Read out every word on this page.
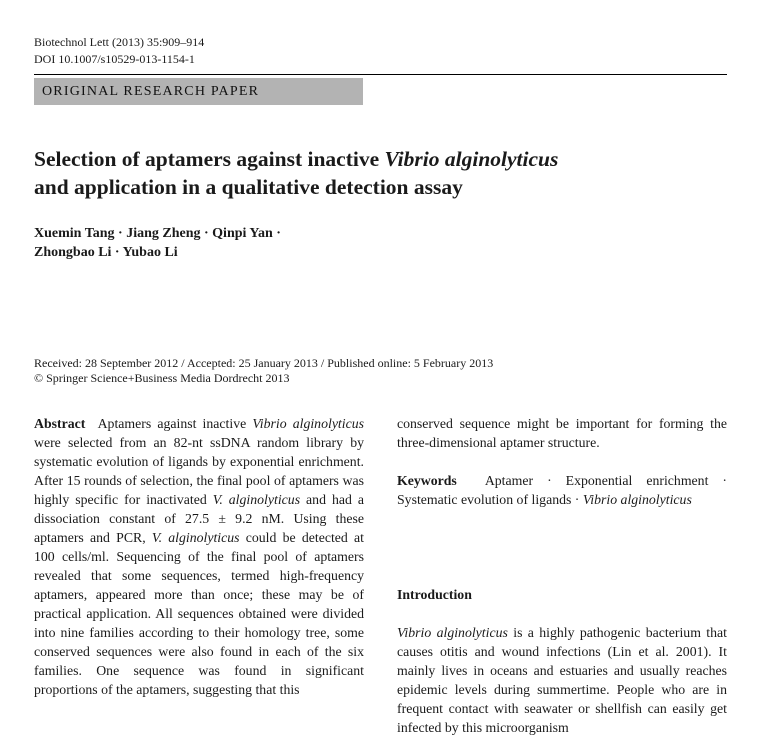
Biotechnol Lett (2013) 35:909–914
DOI 10.1007/s10529-013-1154-1
ORIGINAL RESEARCH PAPER
Selection of aptamers against inactive Vibrio alginolyticus
and application in a qualitative detection assay
Xuemin Tang · Jiang Zheng · Qinpi Yan ·
Zhongbao Li · Yubao Li
Received: 28 September 2012 / Accepted: 25 January 2013 / Published online: 5 February 2013
© Springer Science+Business Media Dordrecht 2013
Abstract Aptamers against inactive Vibrio alginolyticus were selected from an 82-nt ssDNA random library by systematic evolution of ligands by exponential enrichment. After 15 rounds of selection, the final pool of aptamers was highly specific for inactivated V. alginolyticus and had a dissociation constant of 27.5 ± 9.2 nM. Using these aptamers and PCR, V. alginolyticus could be detected at 100 cells/ml. Sequencing of the final pool of aptamers revealed that some sequences, termed high-frequency aptamers, appeared more than once; these may be of practical application. All sequences obtained were divided into nine families according to their homology tree, some conserved sequences were also found in each of the six families. One sequence was found in significant proportions of the aptamers, suggesting that this
conserved sequence might be important for forming the three-dimensional aptamer structure.
Keywords Aptamer · Exponential enrichment · Systematic evolution of ligands · Vibrio alginolyticus
Introduction
Vibrio alginolyticus is a highly pathogenic bacterium that causes otitis and wound infections (Lin et al. 2001). It mainly lives in oceans and estuaries and usually reaches epidemic levels during summertime. People who are in frequent contact with seawater or shellfish can easily get infected by this microorganism
